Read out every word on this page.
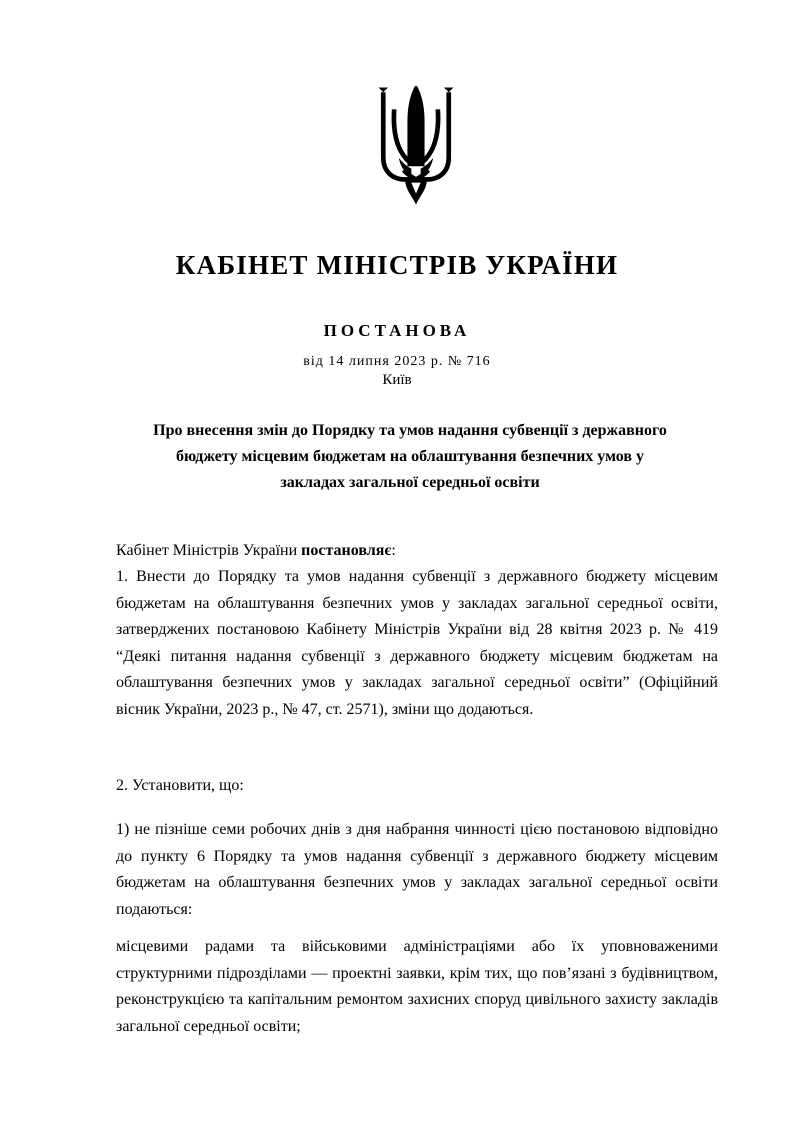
КАБІНЕТ МІНІСТРІВ УКРАЇНИ
ПОСТАНОВА
від 14 липня 2023 р. № 716
Київ
Про внесення змін до Порядку та умов надання субвенції з державного
бюджету місцевим бюджетам на облаштування безпечних умов у
закладах загальної середньої освіти

Кабінет Міністрів України постановляє:

1. Внести до Порядку та умов надання субвенції з державного бюджету місцевим бюджетам на облаштування безпечних умов у закладах загальної середньої освіти, затверджених постановою Кабінету Міністрів України від 28 квітня 2023 р. № 419 “Деякі питання надання субвенції з державного бюджету місцевим бюджетам на облаштування безпечних умов у закладах загальної середньої освіти” (Офіційний вісник України, 2023 р., № 47, ст. 2571), зміни що додаються.

2. Установити, що:

1) не пізніше семи робочих днів з дня набрання чинності цією постановою відповідно до пункту 6 Порядку та умов надання субвенції з державного бюджету місцевим бюджетам на облаштування безпечних умов у закладах загальної середньої освіти подаються:

місцевими радами та військовими адміністраціями або їх уповноваженими структурними підрозділами — проектні заявки, крім тих, що пов’язані з будівництвом, реконструкцією та капітальним ремонтом захисних споруд цивільного захисту закладів загальної середньої освіти;
